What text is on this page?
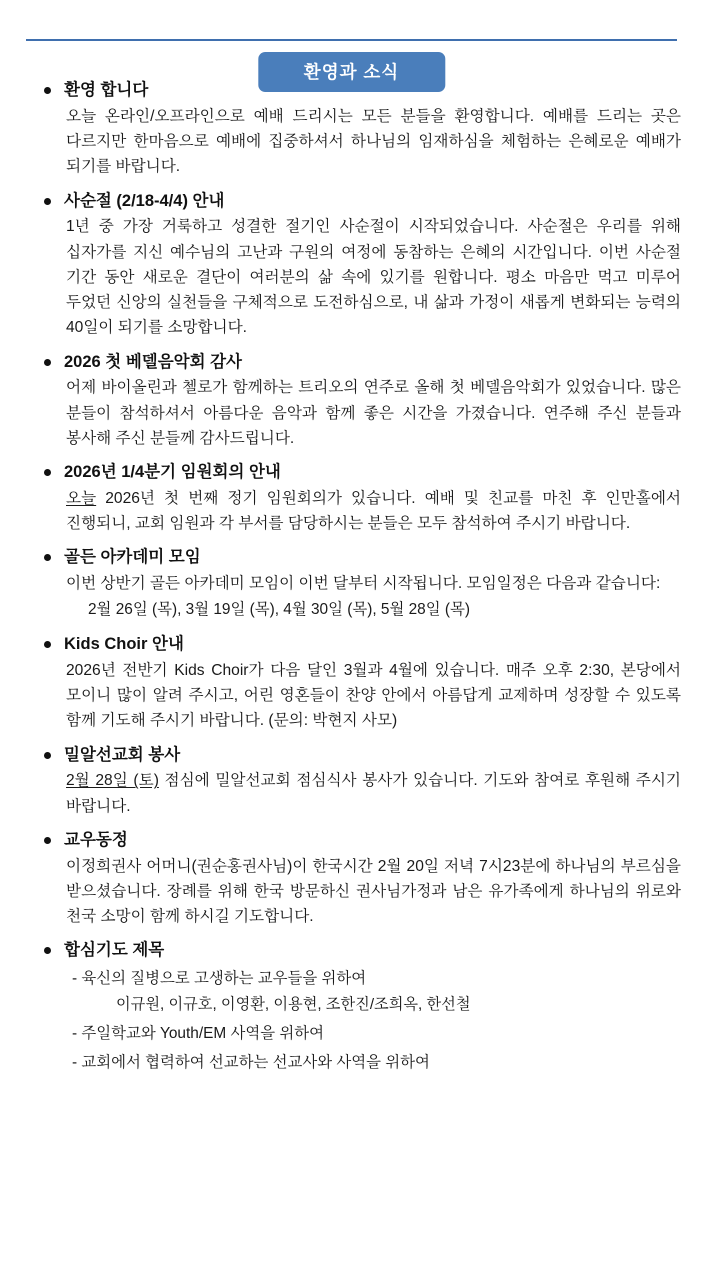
환영과 소식
환영 합니다
오늘 온라인/오프라인으로 예배 드리시는 모든 분들을 환영합니다. 예배를 드리는 곳은 다르지만 한마음으로 예배에 집중하셔서 하나님의 임재하심을 체험하는 은혜로운 예배가 되기를 바랍니다.
사순절 (2/18-4/4) 안내
1년 중 가장 거룩하고 성결한 절기인 사순절이 시작되었습니다. 사순절은 우리를 위해 십자가를 지신 예수님의 고난과 구원의 여정에 동참하는 은혜의 시간입니다. 이번 사순절 기간 동안 새로운 결단이 여러분의 삶 속에 있기를 원합니다. 평소 마음만 먹고 미루어 두었던 신앙의 실천들을 구체적으로 도전하심으로, 내 삶과 가정이 새롭게 변화되는 능력의 40일이 되기를 소망합니다.
2026 첫 베델음악회 감사
어제 바이올린과 첼로가 함께하는 트리오의 연주로 올해 첫 베델음악회가 있었습니다. 많은 분들이 참석하셔서 아름다운 음악과 함께 좋은 시간을 가졌습니다. 연주해 주신 분들과 봉사해 주신 분들께 감사드립니다.
2026년 1/4분기 임원회의 안내
오늘 2026년 첫 번째 정기 임원회의가 있습니다. 예배 및 친교를 마친 후 인만홀에서 진행되니, 교회 임원과 각 부서를 담당하시는 분들은 모두 참석하여 주시기 바랍니다.
골든 아카데미 모임
이번 상반기 골든 아카데미 모임이 이번 달부터 시작됩니다. 모임일정은 다음과 같습니다:
2월 26일 (목), 3월 19일 (목), 4월 30일 (목), 5월 28일 (목)
Kids Choir 안내
2026년 전반기 Kids Choir가 다음 달인 3월과 4월에 있습니다. 매주 오후 2:30, 본당에서 모이니 많이 알려 주시고, 어린 영혼들이 찬양 안에서 아름답게 교제하며 성장할 수 있도록 함께 기도해 주시기 바랍니다. (문의: 박현지 사모)
밀알선교회 봉사
2월 28일 (토) 점심에 밀알선교회 점심식사 봉사가 있습니다. 기도와 참여로 후원해 주시기 바랍니다.
교우동정
이정희권사 어머니(권순홍권사님)이 한국시간 2월 20일 저녁 7시23분에 하나님의 부르심을 받으셨습니다. 장례를 위해 한국 방문하신 권사님가정과 남은 유가족에게 하나님의 위로와 천국 소망이 함께 하시길 기도합니다.
합심기도 제목
- 육신의 질병으로 고생하는 교우들을 위하여
이규원, 이규호, 이영환, 이용현, 조한진/조희옥, 한선철
- 주일학교와 Youth/EM 사역을 위하여
- 교회에서 협력하여 선교하는 선교사와 사역을 위하여
